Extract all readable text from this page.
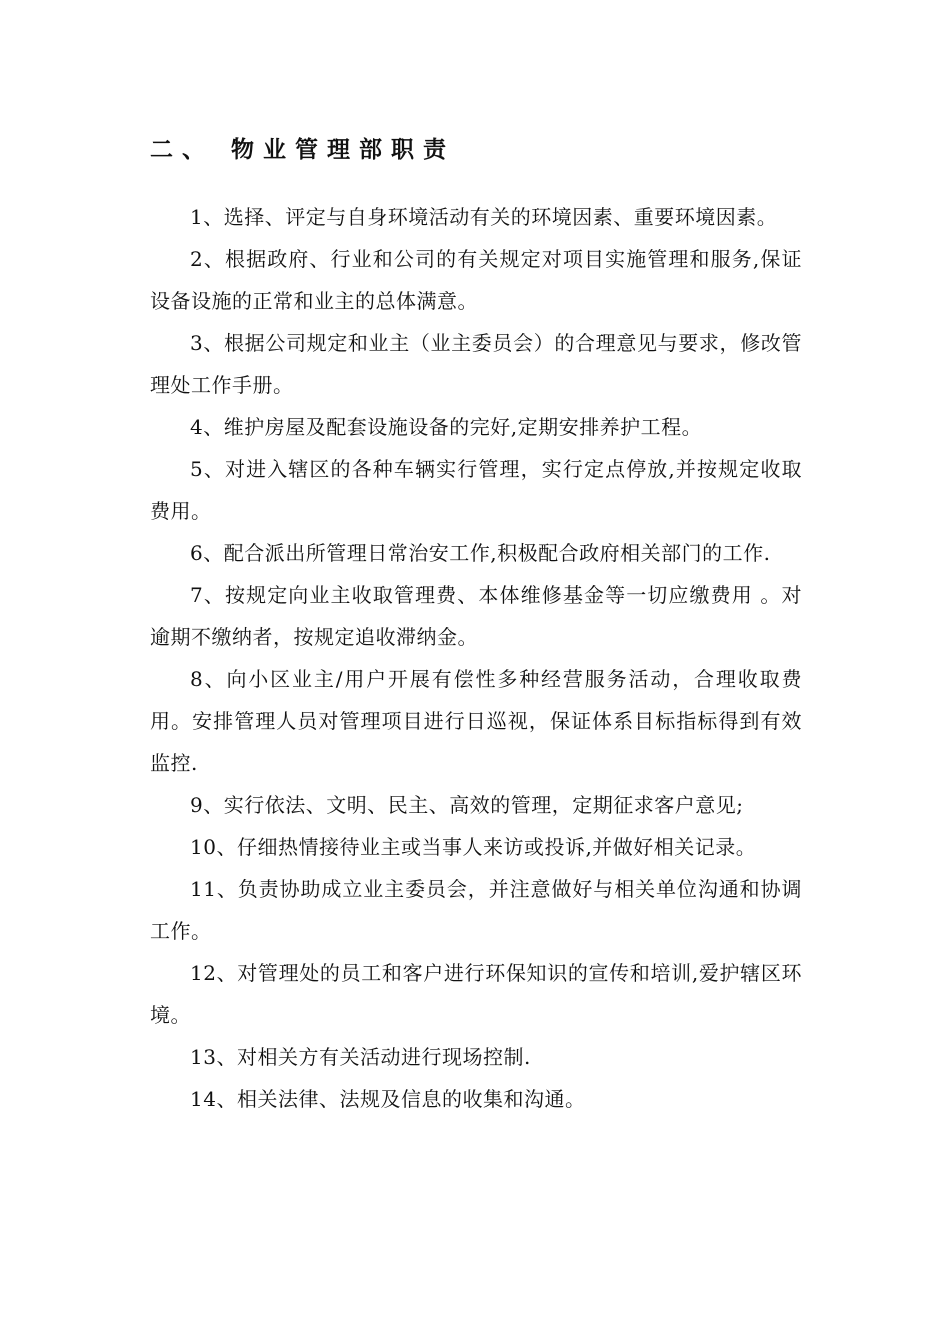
二、 物业管理部职责

1、选择、评定与自身环境活动有关的环境因素、重要环境因素。

2、根据政府、行业和公司的有关规定对项目实施管理和服务,保证设备设施的正常和业主的总体满意。

3、根据公司规定和业主（业主委员会）的合理意见与要求，修改管理处工作手册。

4、维护房屋及配套设施设备的完好,定期安排养护工程。

5、对进入辖区的各种车辆实行管理，实行定点停放,并按规定收取费用。

6、配合派出所管理日常治安工作,积极配合政府相关部门的工作.

7、按规定向业主收取管理费、本体维修基金等一切应缴费用 。对逾期不缴纳者，按规定追收滞纳金。

8、向小区业主/用户开展有偿性多种经营服务活动，合理收取费用。安排管理人员对管理项目进行日巡视，保证体系目标指标得到有效监控.

9、实行依法、文明、民主、高效的管理，定期征求客户意见;

10、仔细热情接待业主或当事人来访或投诉,并做好相关记录。

11、负责协助成立业主委员会，并注意做好与相关单位沟通和协调工作。

12、对管理处的员工和客户进行环保知识的宣传和培训,爱护辖区环境。

13、对相关方有关活动进行现场控制.

14、相关法律、法规及信息的收集和沟通。
